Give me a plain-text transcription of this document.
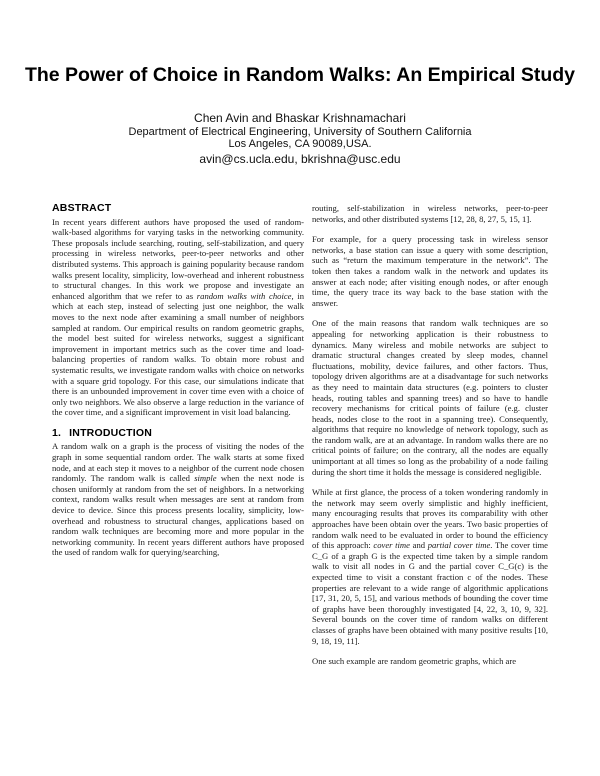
The Power of Choice in Random Walks: An Empirical Study
Chen Avin and Bhaskar Krishnamachari
Department of Electrical Engineering, University of Southern California
Los Angeles, CA 90089,USA.
avin@cs.ucla.edu, bkrishna@usc.edu
ABSTRACT

In recent years different authors have proposed the used of random-walk-based algorithms for varying tasks in the networking community. These proposals include searching, routing, self-stabilization, and query processing in wireless networks, peer-to-peer networks and other distributed systems. This approach is gaining popularity because random walks present locality, simplicity, low-overhead and inherent robustness to structural changes. In this work we propose and investigate an enhanced algorithm that we refer to as random walks with choice, in which at each step, instead of selecting just one neighbor, the walk moves to the next node after examining a small number of neighbors sampled at random. Our empirical results on random geometric graphs, the model best suited for wireless networks, suggest a significant improvement in important metrics such as the cover time and load-balancing properties of random walks. To obtain more robust and systematic results, we investigate random walks with choice on networks with a square grid topology. For this case, our simulations indicate that there is an unbounded improvement in cover time even with a choice of only two neighbors. We also observe a large reduction in the variance of the cover time, and a significant improvement in visit load balancing.

1. INTRODUCTION

A random walk on a graph is the process of visiting the nodes of the graph in some sequential random order. The walk starts at some fixed node, and at each step it moves to a neighbor of the current node chosen randomly. The random walk is called simple when the next node is chosen uniformly at random from the set of neighbors. In a networking context, random walks result when messages are sent at random from device to device. Since this process presents locality, simplicity, low-overhead and robustness to structural changes, applications based on random walk techniques are becoming more and more popular in the networking community. In recent years different authors have proposed the used of random walk for querying/searching,

routing, self-stabilization in wireless networks, peer-to-peer networks, and other distributed systems [12, 28, 8, 27, 5, 15, 1].

For example, for a query processing task in wireless sensor networks, a base station can issue a query with some description, such as “return the maximum temperature in the network”. The token then takes a random walk in the network and updates its answer at each node; after visiting enough nodes, or after enough time, the query trace its way back to the base station with the answer.

One of the main reasons that random walk techniques are so appealing for networking application is their robustness to dynamics. Many wireless and mobile networks are subject to dramatic structural changes created by sleep modes, channel fluctuations, mobility, device failures, and other factors. Thus, topology driven algorithms are at a disadvantage for such networks as they need to maintain data structures (e.g. pointers to cluster heads, routing tables and spanning trees) and so have to handle recovery mechanisms for critical points of failure (e.g. cluster heads, nodes close to the root in a spanning tree). Consequently, algorithms that require no knowledge of network topology, such as the random walk, are at an advantage. In random walks there are no critical points of failure; on the contrary, all the nodes are equally unimportant at all times so long as the probability of a node failing during the short time it holds the message is considered negligible.

While at first glance, the process of a token wondering randomly in the network may seem overly simplistic and highly inefficient, many encouraging results that proves its comparability with other approaches have been obtain over the years. Two basic properties of random walk need to be evaluated in order to bound the efficiency of this approach: cover time and partial cover time. The cover time C_G of a graph G is the expected time taken by a simple random walk to visit all nodes in G and the partial cover C_G(c) is the expected time to visit a constant fraction c of the nodes. These properties are relevant to a wide range of algorithmic applications [17, 31, 20, 5, 15], and various methods of bounding the cover time of graphs have been thoroughly investigated [4, 22, 3, 10, 9, 32]. Several bounds on the cover time of random walks on different classes of graphs have been obtained with many positive results [10, 9, 18, 19, 11].

One such example are random geometric graphs, which are
